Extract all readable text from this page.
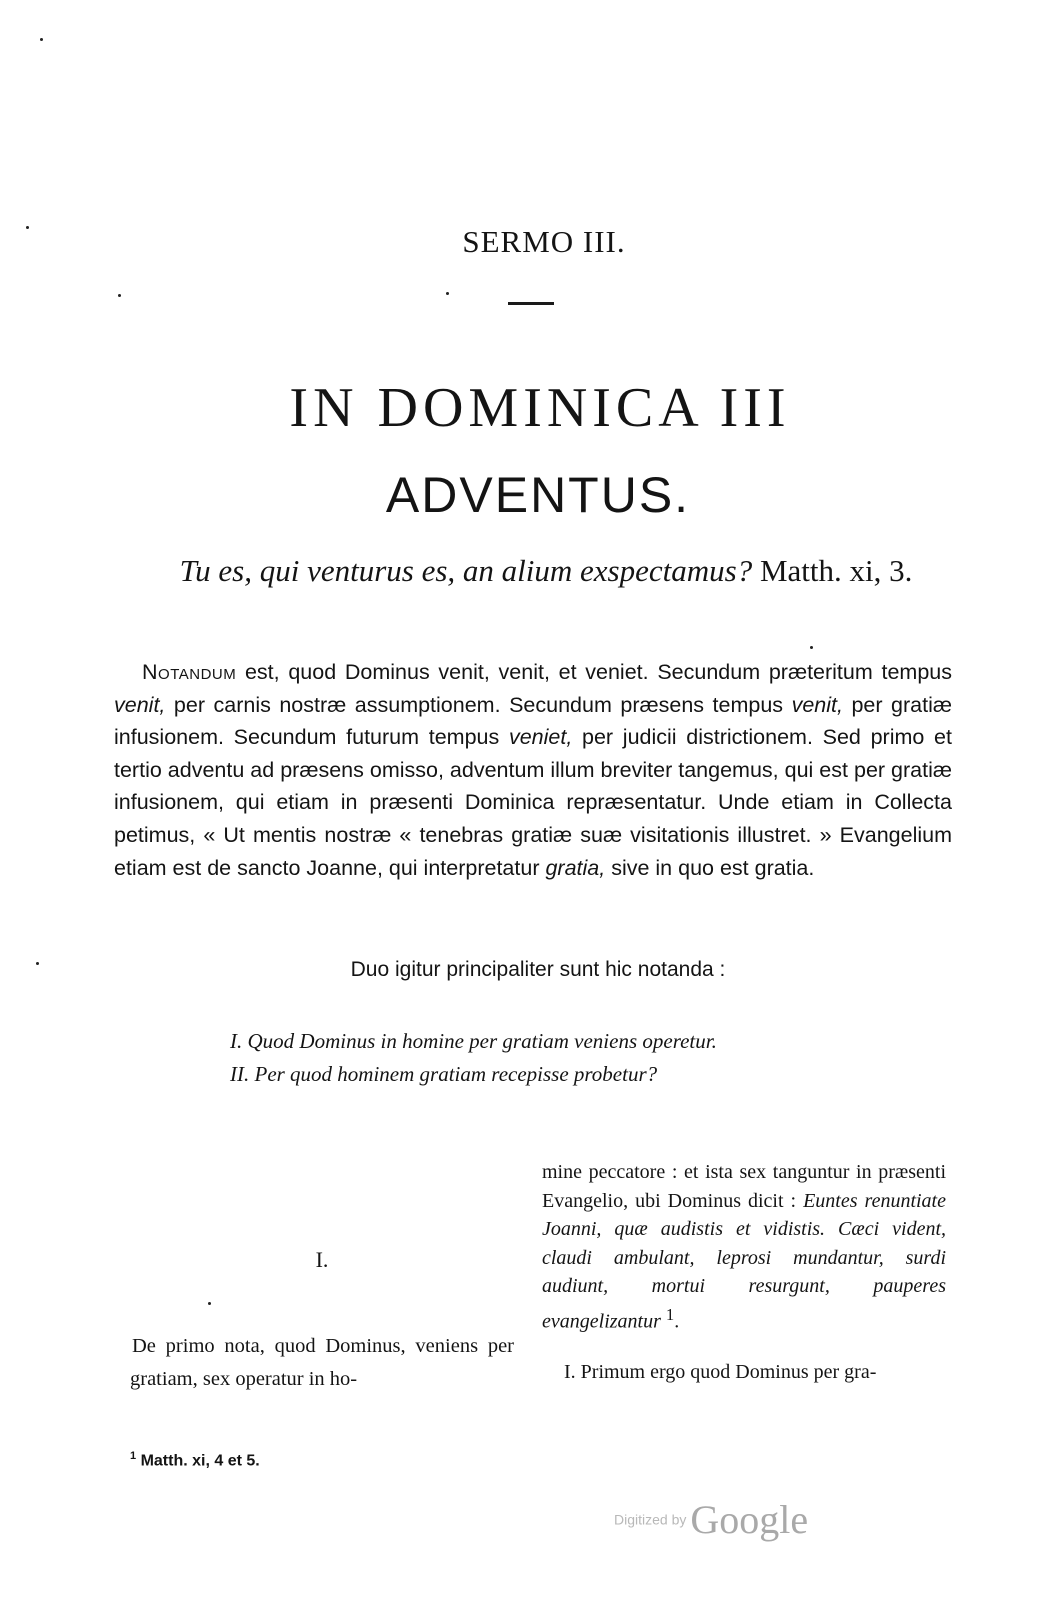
SERMO III.
IN DOMINICA III
ADVENTUS.
Tu es, qui venturus es, an alium exspectamus? Matth. xi, 3.

Notandum est, quod Dominus venit, venit, et veniet. Secundum præteritum tempus venit, per carnis nostræ assumptionem. Secundum præsens tempus venit, per gratiæ infusionem. Secundum futurum tempus veniet, per judicii districtionem. Sed primo et tertio adventu ad præsens omisso, adventum illum breviter tangemus, qui est per gratiæ infusionem, qui etiam in præsenti Dominica repræsentatur. Unde etiam in Collecta petimus, « Ut mentis nostræ « tenebras gratiæ suæ visitationis illustret. » Evangelium etiam est de sancto Joanne, qui interpretatur gratia, sive in quo est gratia.

Duo igitur principaliter sunt hic notanda :
I. Quod Dominus in homine per gratiam veniens operetur.
II. Per quod hominem gratiam recepisse probetur?
I.

De primo nota, quod Dominus, veniens per gratiam, sex operatur in ho-

mine peccatore : et ista sex tanguntur in præsenti Evangelio, ubi Dominus dicit : Euntes renuntiate Joanni, quæ audistis et vidistis. Cæci vident, claudi ambulant, leprosi mundantur, surdi audiunt, mortui resurgunt, pauperes evangelizantur $^1$.

I. Primum ergo quod Dominus per gra-

$^1$ Matth. xi, 4 et 5.
Digitized by Google
